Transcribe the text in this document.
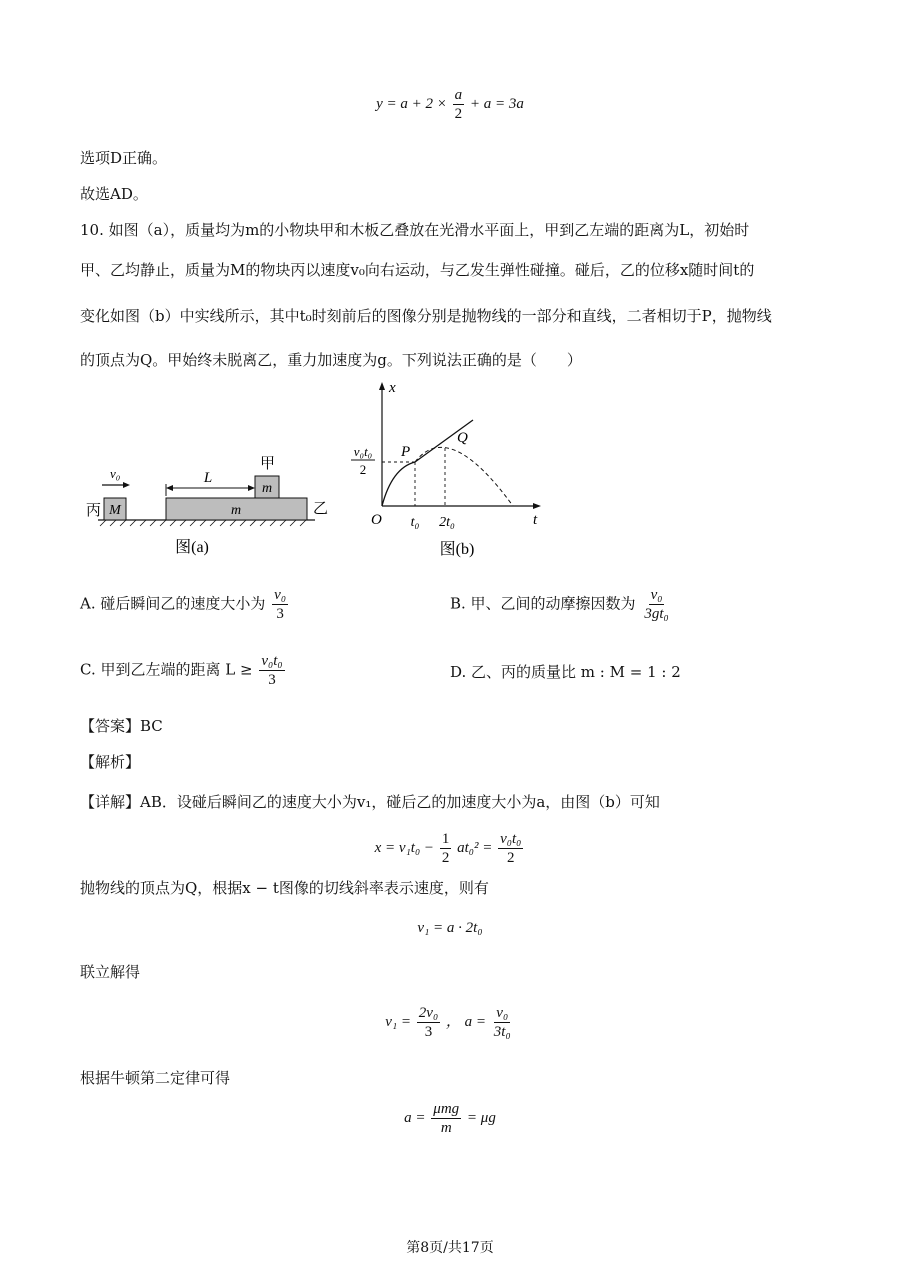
$y = a + 2 \times \frac{a}{2} + a = 3a$
选项D正确。
故选AD。
10. 如图（a），质量均为m的小物块甲和木板乙叠放在光滑水平面上，甲到乙左端的距离为L，初始时
甲、乙均静止，质量为M的物块丙以速度v₀向右运动，与乙发生弹性碰撞。碰后，乙的位移x随时间t的
变化如图（b）中实线所示，其中t₀时刻前后的图像分别是抛物线的一部分和直线，二者相切于P，抛物线
的顶点为Q。甲始终未脱离乙，重力加速度为g。下列说法正确的是（　　）
M
丙
v₀
m	乙
m
甲
L
图(a)
x
t
O
v₀t₀
2
P
Q
t₀ 2t₀
图(b)
A. 碰后瞬间乙的速度大小为 $\frac{\text{v₀}}{3}$	B. 甲、乙间的动摩擦因数为 $\frac{\text{v₀}}{\text{3gt₀}}$
C. 甲到乙左端的距离 $L \ge \frac{\text{v₀t₀}}{3}$	D. 乙、丙的质量比 m : M = 1 : 2
【答案】BC
【解析】
【详解】AB．设碰后瞬间乙的速度大小为v₁，碰后乙的加速度大小为a，由图（b）可知
$x = v_1t_0 - \frac{1}{2} at_0^2 = \frac{\text{v₀t₀}}{2}$
抛物线的顶点为Q，根据x − t图像的切线斜率表示速度，则有
v₁ = a · 2t₀
联立解得
$v_1 = \frac{\text{2v₀}}{3}$ ， $a = \frac{\text{v₀}}{\text{3t₀}}$
根据牛顿第二定律可得
$a = \frac{\text{μmg}}{m} = \mu g$
第8页/共17页
